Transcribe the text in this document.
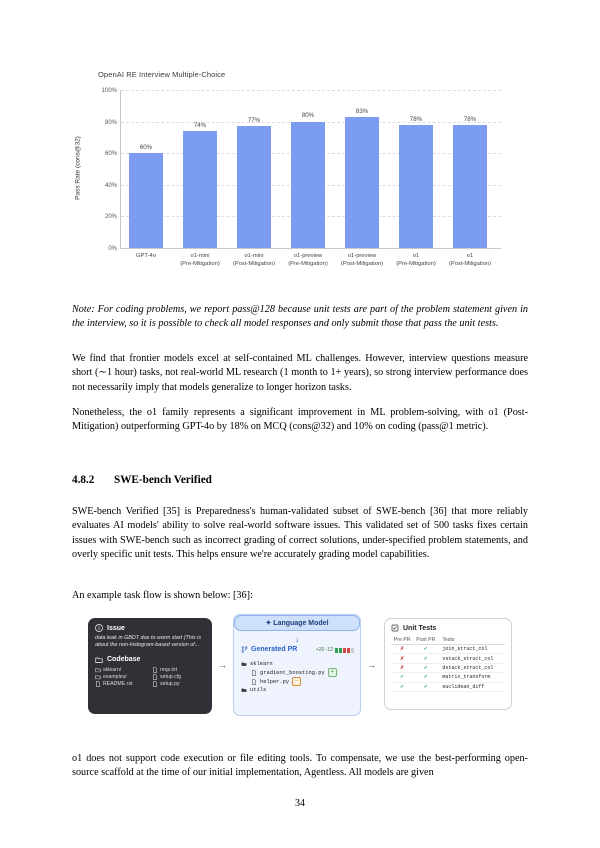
OpenAI RE Interview Multiple-Choice
Pass Rate (cons@32)
100%
80%
60%
40%
20%
0%
60%
GPT-4o
74%
o1-mini
(Pre-Mitigation)
77%
o1-mini
(Post-Mitigation)
80%
o1-preview
(Pre-Mitigation)
83%
o1-preview
(Post-Mitigation)
78%
o1
(Pre-Mitigation)
78%
o1
(Post-Mitigation)
Note: For coding problems, we report pass@128 because unit tests are part of the problem statement given in the interview, so it is possible to check all model responses and only submit those that pass the unit tests.
We find that frontier models excel at self-contained ML challenges. However, interview questions measure short (∼1 hour) tasks, not real-world ML research (1 month to 1+ years), so strong interview performance does not necessarily imply that models generalize to longer horizon tasks.
Nonetheless, the o1 family represents a significant improvement in ML problem-solving, with o1 (Post-Mitigation) outperforming GPT-4o by 18% on MCQ (cons@32) and 10% on coding (pass@1 metric).
4.8.2 SWE-bench Verified
SWE-bench Verified [35] is Preparedness's human-validated subset of SWE-bench [36] that more reliably evaluates AI models' ability to solve real-world software issues. This validated set of 500 tasks fixes certain issues with SWE-bench such as incorrect grading of correct solutions, under-specified problem statements, and overly specific unit tests. This helps ensure we're accurately grading model capabilities.
An example task flow is shown below: [36]:
Issue
data leak in GBDT due to warm start (This is about the non-histogram-based version of...
Codebase
sklearn/	reqs.txt
examples/	setup.cfg
README.rst	setup.py
→
✦ Language Model
↓
Generated PR	+20 -12
sklearn
gradient_boosting.py	+
helper.py	−
utils
→
Unit Tests
Pre PR	Post PR	Tests
✗	✓	join_struct_col
✗	✓	vstack_struct_col
✗	✓	dstack_struct_col
✓	✓	matrix_transform
✓	✓	euclidean_diff
o1 does not support code execution or file editing tools. To compensate, we use the best-performing open-source scaffold at the time of our initial implementation, Agentless. All models are given
34
